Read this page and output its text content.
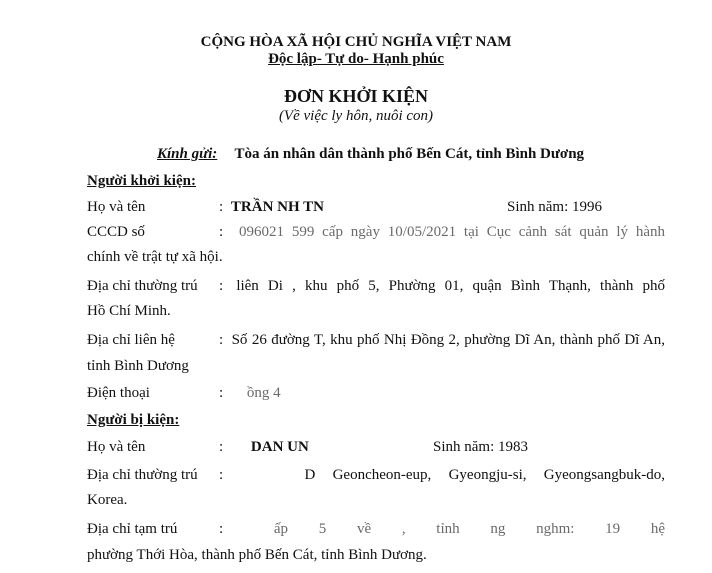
CỘNG HÒA XÃ HỘI CHỦ NGHĨA VIỆT NAM
Độc lập- Tự do- Hạnh phúc
ĐƠN KHỞI KIỆN
(Về việc ly hôn, nuôi con)
Kính gửi: Tòa án nhân dân thành phố Bến Cát, tỉnh Bình Dương
Người khởi kiện:
Họ và tên	: TRẦN NH TN	Sinh năm: 1996
CCCD số	: 096021 599 cấp ngày 10/05/2021 tại Cục cảnh sát quản lý hành
chính về trật tự xã hội.
Địa chỉ thường trú : liên Di , khu phố 5, Phường 01, quận Bình Thạnh, thành phố
Hồ Chí Minh.
Địa chỉ liên hệ	: Số 26 đường T, khu phố Nhị Đồng 2, phường Dĩ An, thành phố Dĩ An,
tỉnh Bình Dương
Điện thoại	: ồng 4
Người bị kiện:
Họ và tên	: DAN UN	Sinh năm: 1983
Địa chỉ thường trú :	D Geoncheon-eup, Gyeongju-si, Gyeongsangbuk-do,
Korea.
Địa chỉ tạm trú	:	ấp 5 về , tỉnh ng nghm: 19 hệ
phường Thới Hòa, thành phố Bến Cát, tỉnh Bình Dương.
